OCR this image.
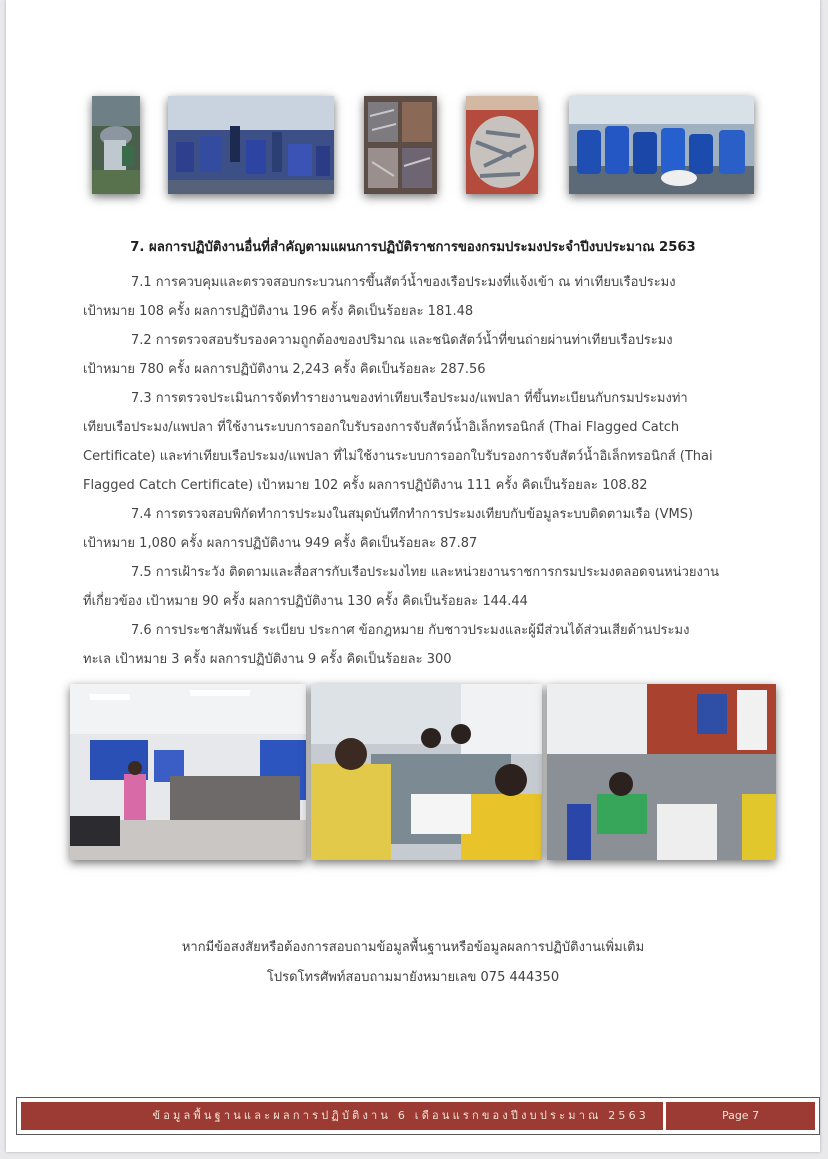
7. ผลการปฏิบัติงานอื่นที่สำคัญตามแผนการปฏิบัติราชการของกรมประมงประจำปีงบประมาณ 2563

7.1 การควบคุมและตรวจสอบกระบวนการขึ้นสัตว์น้ำของเรือประมงที่แจ้งเข้า ณ ท่าเทียบเรือประมง

เป้าหมาย 108 ครั้ง ผลการปฏิบัติงาน 196 ครั้ง คิดเป็นร้อยละ 181.48

7.2 การตรวจสอบรับรองความถูกต้องของปริมาณ และชนิดสัตว์น้ำที่ขนถ่ายผ่านท่าเทียบเรือประมง

เป้าหมาย 780 ครั้ง ผลการปฏิบัติงาน 2,243 ครั้ง คิดเป็นร้อยละ 287.56

7.3 การตรวจประเมินการจัดทำรายงานของท่าเทียบเรือประมง/แพปลา ที่ขึ้นทะเบียนกับกรมประมงท่า

เทียบเรือประมง/แพปลา ที่ใช้งานระบบการออกใบรับรองการจับสัตว์น้ำอิเล็กทรอนิกส์ (Thai Flagged Catch

Certificate) และท่าเทียบเรือประมง/แพปลา ที่ไม่ใช้งานระบบการออกใบรับรองการจับสัตว์น้ำอิเล็กทรอนิกส์ (Thai

Flagged Catch Certificate) เป้าหมาย 102 ครั้ง ผลการปฏิบัติงาน 111 ครั้ง คิดเป็นร้อยละ 108.82

7.4 การตรวจสอบพิกัดทำการประมงในสมุดบันทึกทำการประมงเทียบกับข้อมูลระบบติดตามเรือ (VMS)

เป้าหมาย 1,080 ครั้ง ผลการปฏิบัติงาน 949 ครั้ง คิดเป็นร้อยละ 87.87

7.5 การเฝ้าระวัง ติดตามและสื่อสารกับเรือประมงไทย และหน่วยงานราชการกรมประมงตลอดจนหน่วยงาน

ที่เกี่ยวข้อง เป้าหมาย 90 ครั้ง ผลการปฏิบัติงาน 130 ครั้ง คิดเป็นร้อยละ 144.44

7.6 การประชาสัมพันธ์ ระเบียบ ประกาศ ข้อกฎหมาย กับชาวประมงและผู้มีส่วนได้ส่วนเสียด้านประมง

ทะเล เป้าหมาย 3 ครั้ง ผลการปฏิบัติงาน 9 ครั้ง คิดเป็นร้อยละ 300

หากมีข้อสงสัยหรือต้องการสอบถามข้อมูลพื้นฐานหรือข้อมูลผลการปฏิบัติงานเพิ่มเติม
โปรดโทรศัพท์สอบถามมายังหมายเลข 075 444350
ข้อมูลพื้นฐานและผลการปฏิบัติงาน 6 เดือนแรกของปีงบประมาณ 2563	Page 7
